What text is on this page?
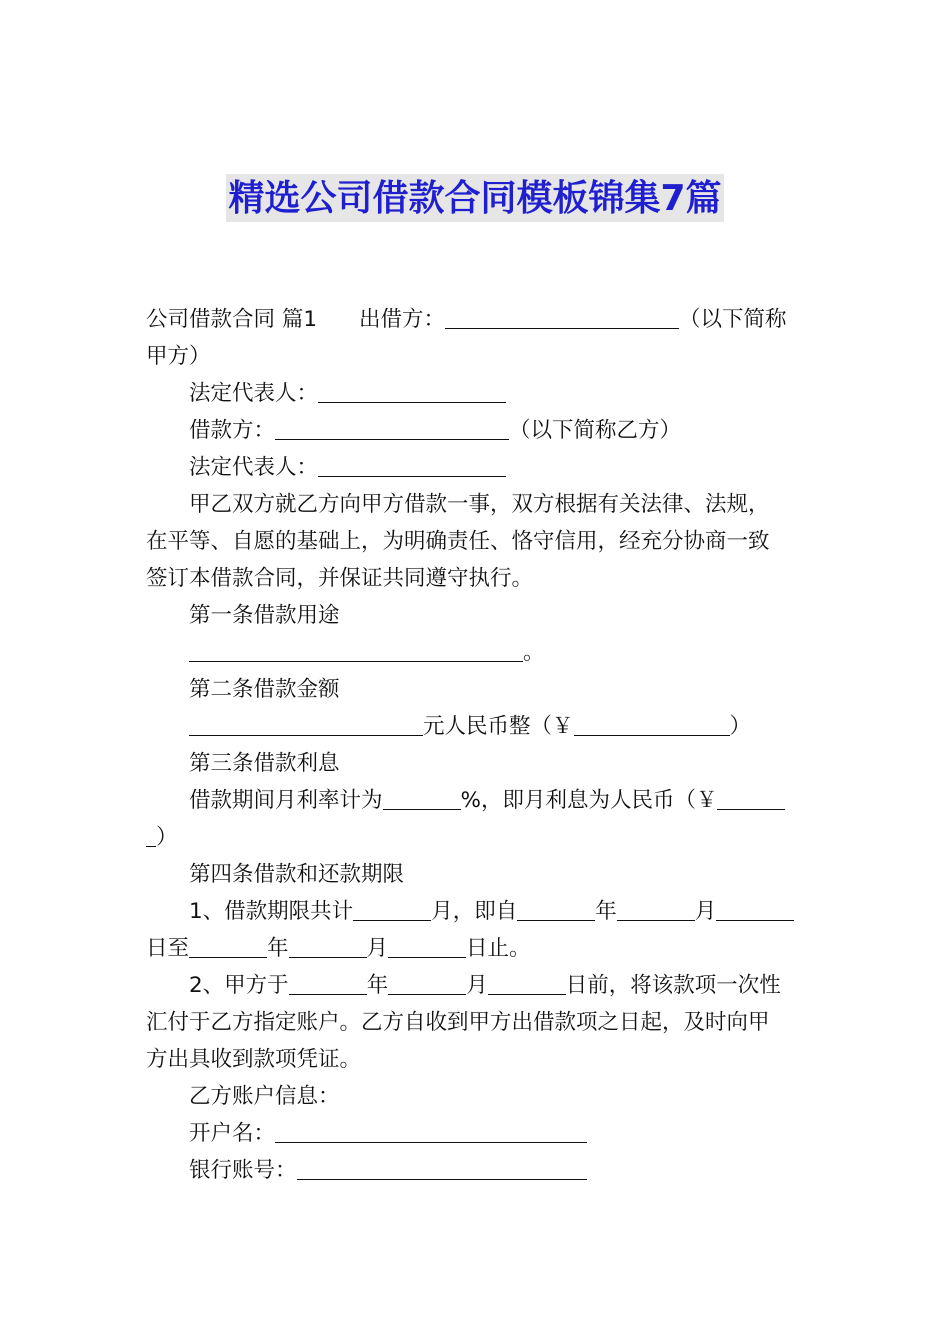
精选公司借款合同模板锦集7篇

公司借款合同 篇1 出借方：	（以下简称

甲方）

法定代表人：

借款方：	（以下简称乙方）

法定代表人：

甲乙双方就乙方向甲方借款一事，双方根据有关法律、法规，

在平等、自愿的基础上，为明确责任、恪守信用，经充分协商一致

签订本借款合同，并保证共同遵守执行。

第一条借款用途

。

第二条借款金额

元人民币整（￥	）

第三条借款利息

借款期间月利率计为	%，即月利息为人民币（￥

）

第四条借款和还款期限

1、借款期限共计	月，即自	年	月

日至	年	月	日止。

2、甲方于	年	月	日前，将该款项一次性

汇付于乙方指定账户。乙方自收到甲方出借款项之日起，及时向甲

方出具收到款项凭证。

乙方账户信息：

开户名：

银行账号：
